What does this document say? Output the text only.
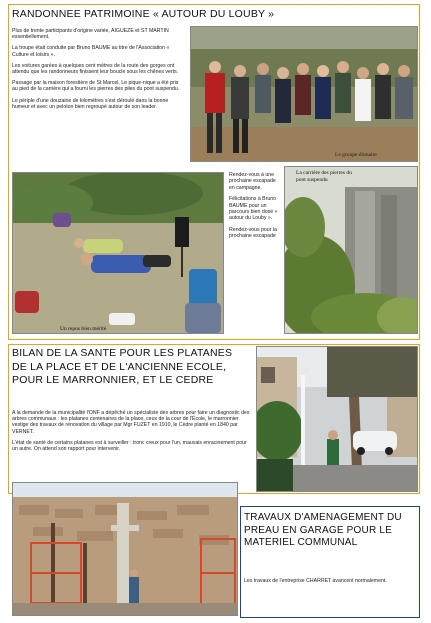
RANDONNEE PATRIMOINE « AUTOUR DU LOUBY »

Plus de trente participants d'origine variée, AIGUEZE et ST MARTIN essentiellement.

La troupe était conduite par Bruno BAUME au titre de l'Association « Culture et loisirs ».

Les voitures garées à quelques cent mètres de la route des gorges ont attendu que les randonneurs finissent leur boucle sous les chênes verts.

Passage par la maison forestière de St Marcel. Le pique-nique a été pris au pied de la carrière qui a fourni les pierres des piles du pont suspendu.

Le périple d'une douzaine de kilomètres s'est déroulé dans la bonne humeur et avec un peloton bien regroupé autour de son leader.

Le groupe élimaire
Un repos bien mérité

Rendez-vous à une prochaine escapade en campagne.

Félicitations à Bruno BAUME pour un parcours bien dosé « autour du Louby ».

Rendez-vous pour la prochaine escapade

La carrière des pierres du pont suspendu
BILAN DE LA SANTE POUR LES PLATANES DE LA PLACE ET DE L'ANCIENNE ECOLE, POUR LE MARRONNIER, ET LE CEDRE

A la demande de la municipalité l'ONF a dépêché un spécialiste des arbres pour faire un diagnostic des arbres communaux : les platanes centenaires de la place, ceux de la cour de l'École, le marronnier vestige des travaux de rénovation du village par Mgr FUZET en 1910, le Cèdre planté en 1840 par VERNET.

L'état de santé de certains platanes est à surveiller : tronc creux pour l'un, mauvais enracinement pour un autre. On attend son rapport pour intervenir.

TRAVAUX D'AMENAGEMENT DU PREAU EN GARAGE POUR LE MATERIEL COMMUNAL
Les travaux de l'entreprise CHARRET avancent normalement.
